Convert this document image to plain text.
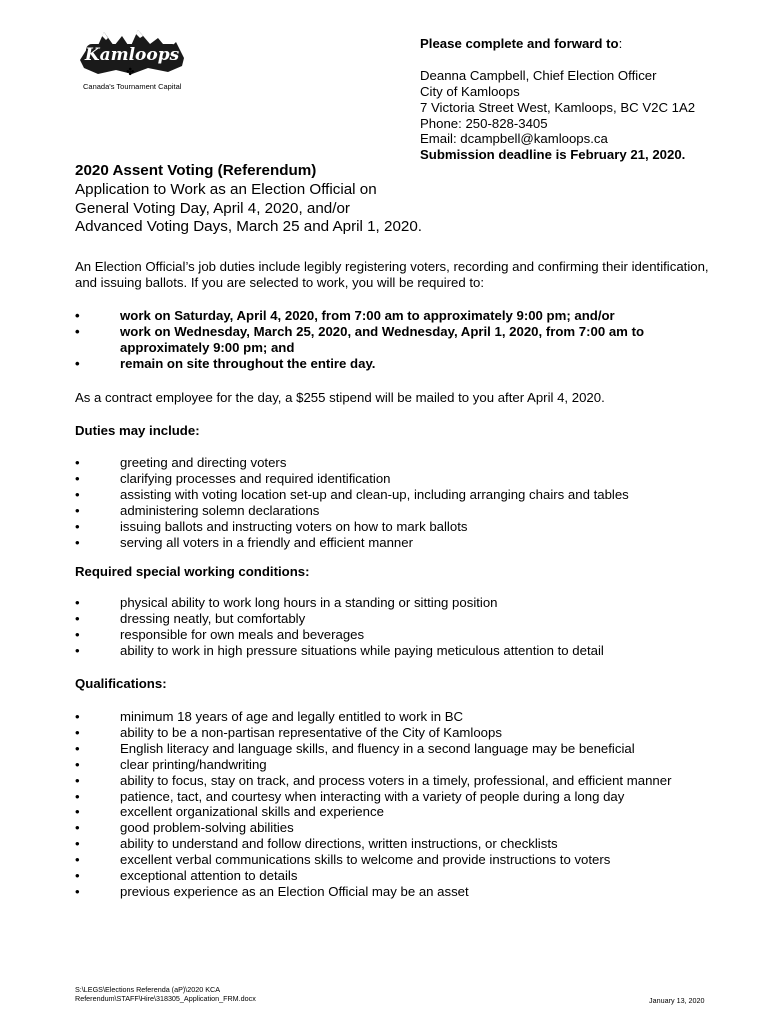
Kamloops
✤
Canada's Tournament Capital
Please complete and forward to:
Deanna Campbell, Chief Election Officer
City of Kamloops
7 Victoria Street West, Kamloops, BC V2C 1A2
Phone: 250-828-3405
Email: dcampbell@kamloops.ca
Submission deadline is February 21, 2020.
2020 Assent Voting (Referendum)
Application to Work as an Election Official on
General Voting Day, April 4, 2020, and/or
Advanced Voting Days, March 25 and April 1, 2020.
An Election Official’s job duties include legibly registering voters, recording and confirming their identification, and issuing ballots. If you are selected to work, you will be required to:
•	work on Saturday, April 4, 2020, from 7:00 am to approximately 9:00 pm; and/or
•	work on Wednesday, March 25, 2020, and Wednesday, April 1, 2020, from 7:00 am to approximately 9:00 pm; and
•	remain on site throughout the entire day.
As a contract employee for the day, a $255 stipend will be mailed to you after April 4, 2020.
Duties may include:
•	greeting and directing voters
•	clarifying processes and required identification
•	assisting with voting location set-up and clean-up, including arranging chairs and tables
•	administering solemn declarations
•	issuing ballots and instructing voters on how to mark ballots
•	serving all voters in a friendly and efficient manner
Required special working conditions:
•	physical ability to work long hours in a standing or sitting position
•	dressing neatly, but comfortably
•	responsible for own meals and beverages
•	ability to work in high pressure situations while paying meticulous attention to detail
Qualifications:
•	minimum 18 years of age and legally entitled to work in BC
•	ability to be a non-partisan representative of the City of Kamloops
•	English literacy and language skills, and fluency in a second language may be beneficial
•	clear printing/handwriting
•	ability to focus, stay on track, and process voters in a timely, professional, and efficient manner
•	patience, tact, and courtesy when interacting with a variety of people during a long day
•	excellent organizational skills and experience
•	good problem-solving abilities
•	ability to understand and follow directions, written instructions, or checklists
•	excellent verbal communications skills to welcome and provide instructions to voters
•	exceptional attention to details
•	previous experience as an Election Official may be an asset
S:\LEGS\Elections Referenda (aP)\2020 KCA
Referendum\STAFF\Hire\318305_Application_FRM.docx	January 13, 2020
